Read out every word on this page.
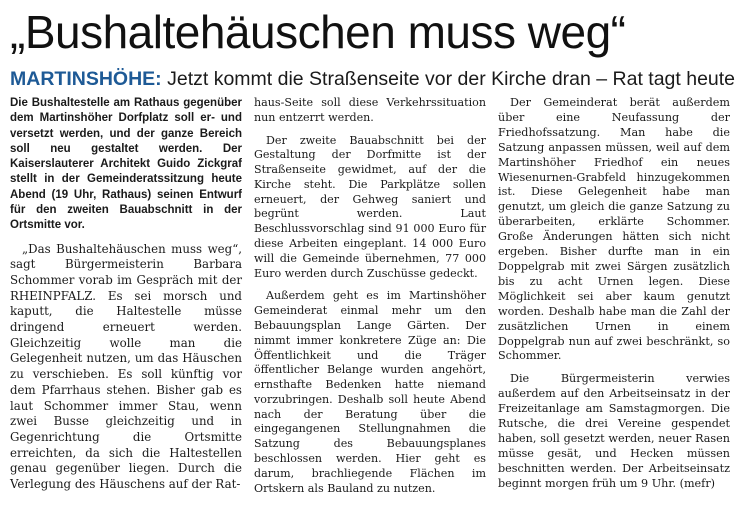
„Bushaltehäuschen muss weg“
MARTINSHÖHE: Jetzt kommt die Straßenseite vor der Kirche dran – Rat tagt heute

Die Bushaltestelle am Rathaus gegenüber dem Martinshöher Dorfplatz soll er- und versetzt werden, und der ganze Bereich soll neu gestaltet werden. Der Kaiserslauterer Architekt Guido Zickgraf stellt in der Gemeinderatssitzung heute Abend (19 Uhr, Rathaus) seinen Entwurf für den zweiten Bauabschnitt in der Ortsmitte vor.

„Das Bushaltehäuschen muss weg“, sagt Bürgermeisterin Barbara Schommer vorab im Gespräch mit der RHEINPFALZ. Es sei morsch und kaputt, die Haltestelle müsse dringend erneuert werden. Gleichzeitig wolle man die Gelegenheit nutzen, um das Häuschen zu verschieben. Es soll künftig vor dem Pfarrhaus stehen. Bisher gab es laut Schommer immer Stau, wenn zwei Busse gleichzeitig und in Gegenrichtung die Ortsmitte erreichten, da sich die Haltestellen genau gegenüber liegen. Durch die Verlegung des Häuschens auf der Rat-

haus-Seite soll diese Verkehrssituation nun entzerrt werden.

Der zweite Bauabschnitt bei der Gestaltung der Dorfmitte ist der Straßenseite gewidmet, auf der die Kirche steht. Die Parkplätze sollen erneuert, der Gehweg saniert und begrünt werden. Laut Beschlussvorschlag sind 91 000 Euro für diese Arbeiten eingeplant. 14 000 Euro will die Gemeinde übernehmen, 77 000 Euro werden durch Zuschüsse gedeckt.

Außerdem geht es im Martinshöher Gemeinderat einmal mehr um den Bebauungsplan Lange Gärten. Der nimmt immer konkretere Züge an: Die Öffentlichkeit und die Träger öffentlicher Belange wurden angehört, ernsthafte Bedenken hatte niemand vorzubringen. Deshalb soll heute Abend nach der Beratung über die eingegangenen Stellungnahmen die Satzung des Bebauungsplanes beschlossen werden. Hier geht es darum, brachliegende Flächen im Ortskern als Bauland zu nutzen.

Der Gemeinderat berät außerdem über eine Neufassung der Friedhofssatzung. Man habe die Satzung anpassen müssen, weil auf dem Martinshöher Friedhof ein neues Wiesenurnen-Grabfeld hinzugekommen ist. Diese Gelegenheit habe man genutzt, um gleich die ganze Satzung zu überarbeiten, erklärte Schommer. Große Änderungen hätten sich nicht ergeben. Bisher durfte man in ein Doppelgrab mit zwei Särgen zusätzlich bis zu acht Urnen legen. Diese Möglichkeit sei aber kaum genutzt worden. Deshalb habe man die Zahl der zusätzlichen Urnen in einem Doppelgrab nun auf zwei beschränkt, so Schommer.

Die Bürgermeisterin verwies außerdem auf den Arbeitseinsatz in der Freizeitanlage am Samstagmorgen. Die Rutsche, die drei Vereine gespendet haben, soll gesetzt werden, neuer Rasen müsse gesät, und Hecken müssen beschnitten werden. Der Arbeitseinsatz beginnt morgen früh um 9 Uhr. (mefr)
